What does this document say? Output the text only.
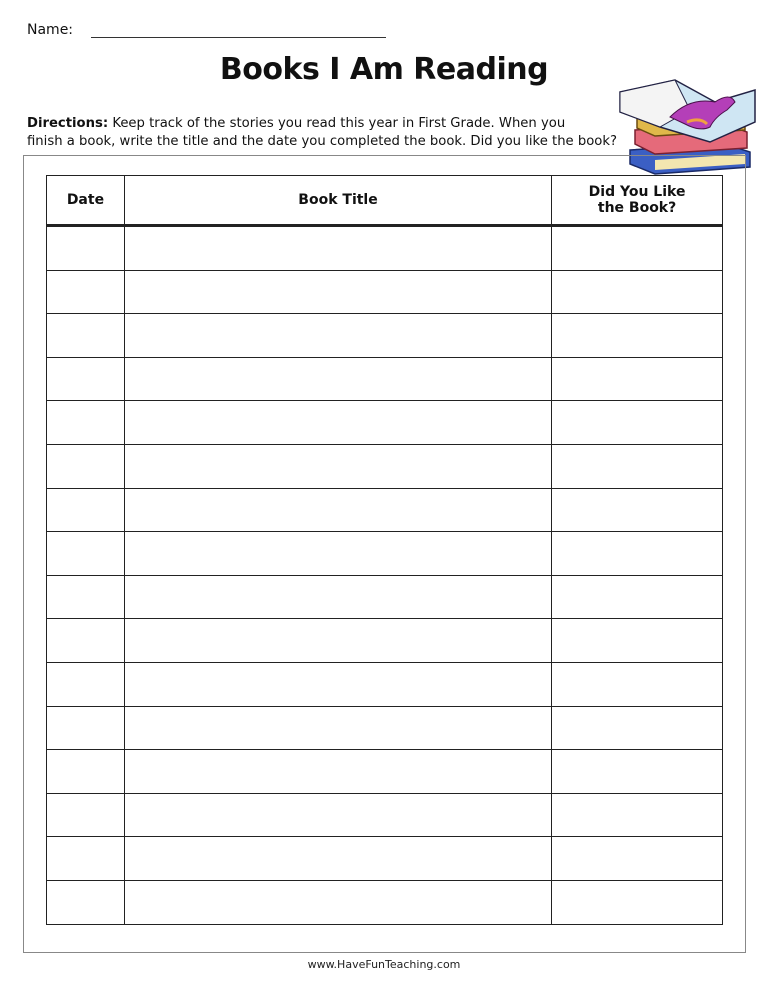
Name:
Books I Am Reading
Directions: Keep track of the stories you read this year in First Grade. When you
finish a book, write the title and the date you completed the book. Did you like the book?
Date	Book Title	Did You Like the Book?

www.HaveFunTeaching.com
